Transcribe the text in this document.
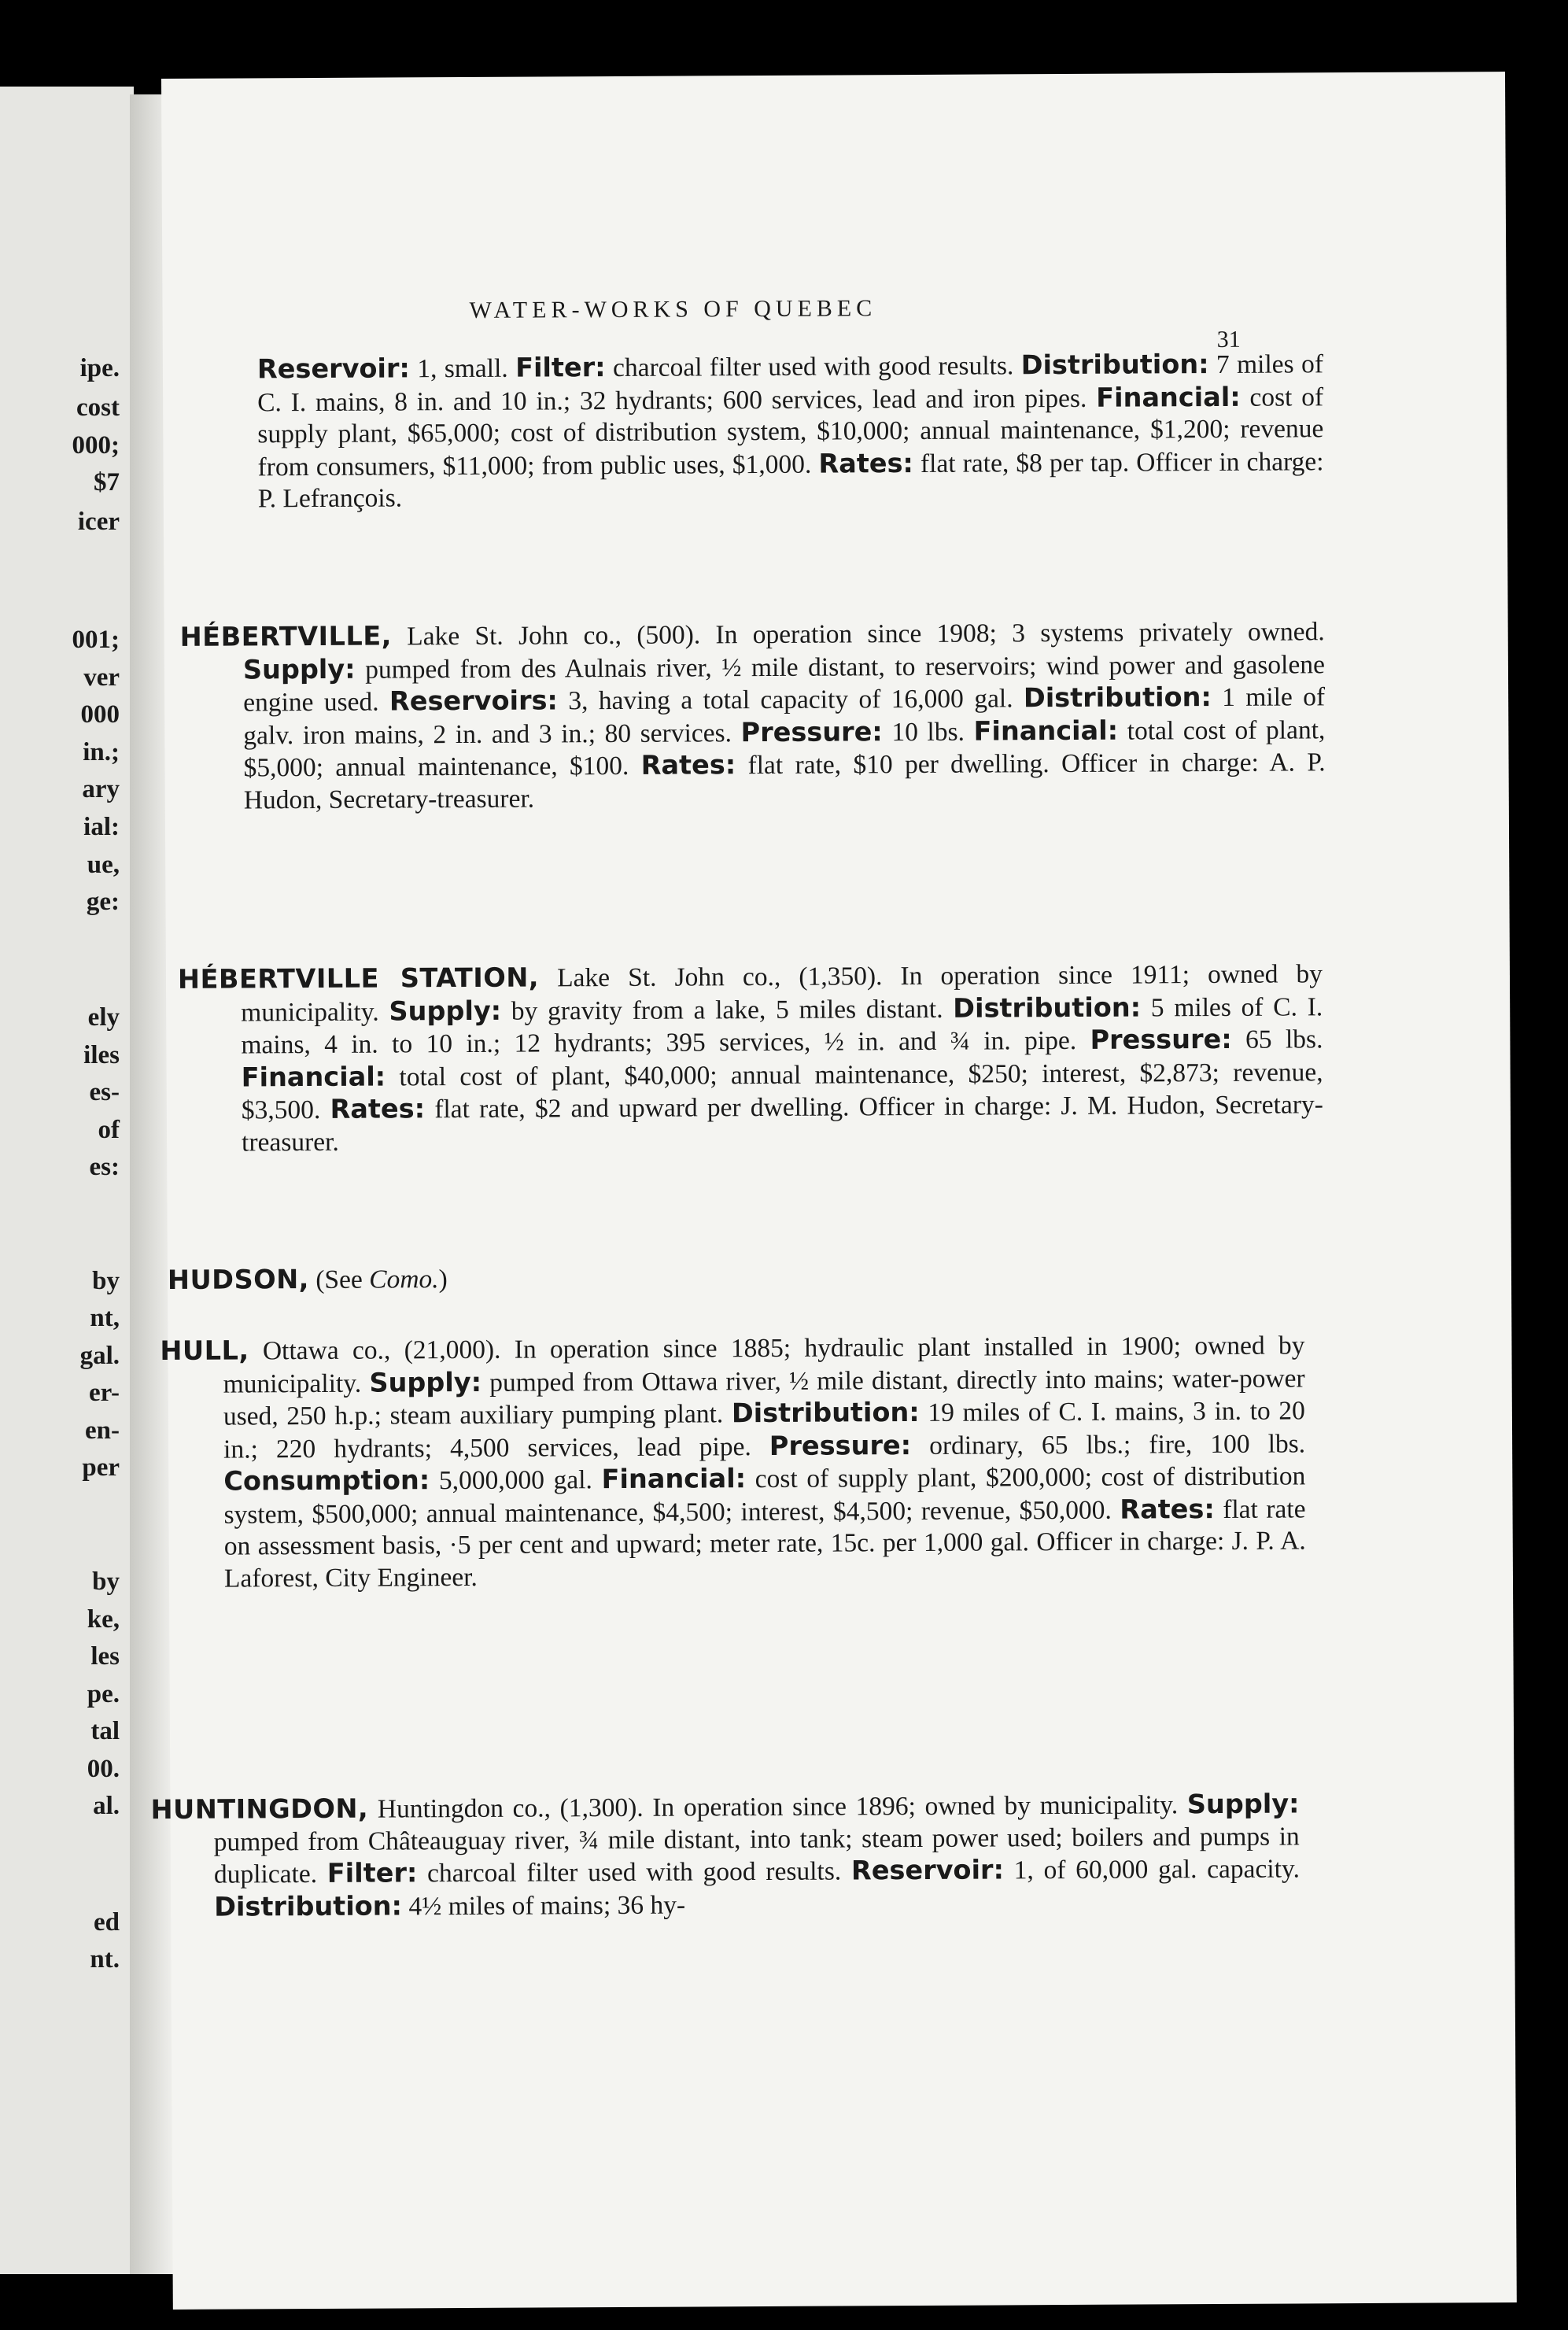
ipe.
cost
000;
$7
icer
001;
ver
000
in.;
ary
ial:
ue,
ge:
ely
iles
es-
of
es:
by
nt,
gal.
er-
en-
per
by
ke,
les
pe.
tal
00.
al.
ed
nt.
WATER-WORKS OF QUEBEC
31

Reservoir: 1, small. Filter: charcoal filter used with good results. Distribution: 7 miles of C. I. mains, 8 in. and 10 in.; 32 hydrants; 600 services, lead and iron pipes. Financial: cost of supply plant, $65,000; cost of distribution system, $10,000; annual maintenance, $1,200; revenue from consumers, $11,000; from public uses, $1,000. Rates: flat rate, $8 per tap. Officer in charge: P. Lefrançois.

HÉBERTVILLE, Lake St. John co., (500). In operation since 1908; 3 systems privately owned. Supply: pumped from des Aulnais river, ½ mile distant, to reservoirs; wind power and gasolene engine used. Reservoirs: 3, having a total capacity of 16,000 gal. Distribution: 1 mile of galv. iron mains, 2 in. and 3 in.; 80 services. Pressure: 10 lbs. Financial: total cost of plant, $5,000; annual maintenance, $100. Rates: flat rate, $10 per dwelling. Officer in charge: A. P. Hudon, Secretary-treasurer.

HÉBERTVILLE STATION, Lake St. John co., (1,350). In operation since 1911; owned by municipality. Supply: by gravity from a lake, 5 miles distant. Distribution: 5 miles of C. I. mains, 4 in. to 10 in.; 12 hydrants; 395 services, ½ in. and ¾ in. pipe. Pressure: 65 lbs. Financial: total cost of plant, $40,000; annual maintenance, $250; interest, $2,873; revenue, $3,500. Rates: flat rate, $2 and upward per dwelling. Officer in charge: J. M. Hudon, Secretary-treasurer.

HUDSON, (See Como.)

HULL, Ottawa co., (21,000). In operation since 1885; hydraulic plant installed in 1900; owned by municipality. Supply: pumped from Ottawa river, ½ mile distant, directly into mains; water-power used, 250 h.p.; steam auxiliary pumping plant. Distribution: 19 miles of C. I. mains, 3 in. to 20 in.; 220 hydrants; 4,500 services, lead pipe. Pressure: ordinary, 65 lbs.; fire, 100 lbs. Consumption: 5,000,000 gal. Financial: cost of supply plant, $200,000; cost of distribution system, $500,000; annual maintenance, $4,500; interest, $4,500; revenue, $50,000. Rates: flat rate on assessment basis, ·5 per cent and upward; meter rate, 15c. per 1,000 gal. Officer in charge: J. P. A. Laforest, City Engineer.

HUNTINGDON, Huntingdon co., (1,300). In operation since 1896; owned by municipality. Supply: pumped from Châteauguay river, ¾ mile distant, into tank; steam power used; boilers and pumps in duplicate. Filter: charcoal filter used with good results. Reservoir: 1, of 60,000 gal. capacity. Distribution: 4½ miles of mains; 36 hy-
